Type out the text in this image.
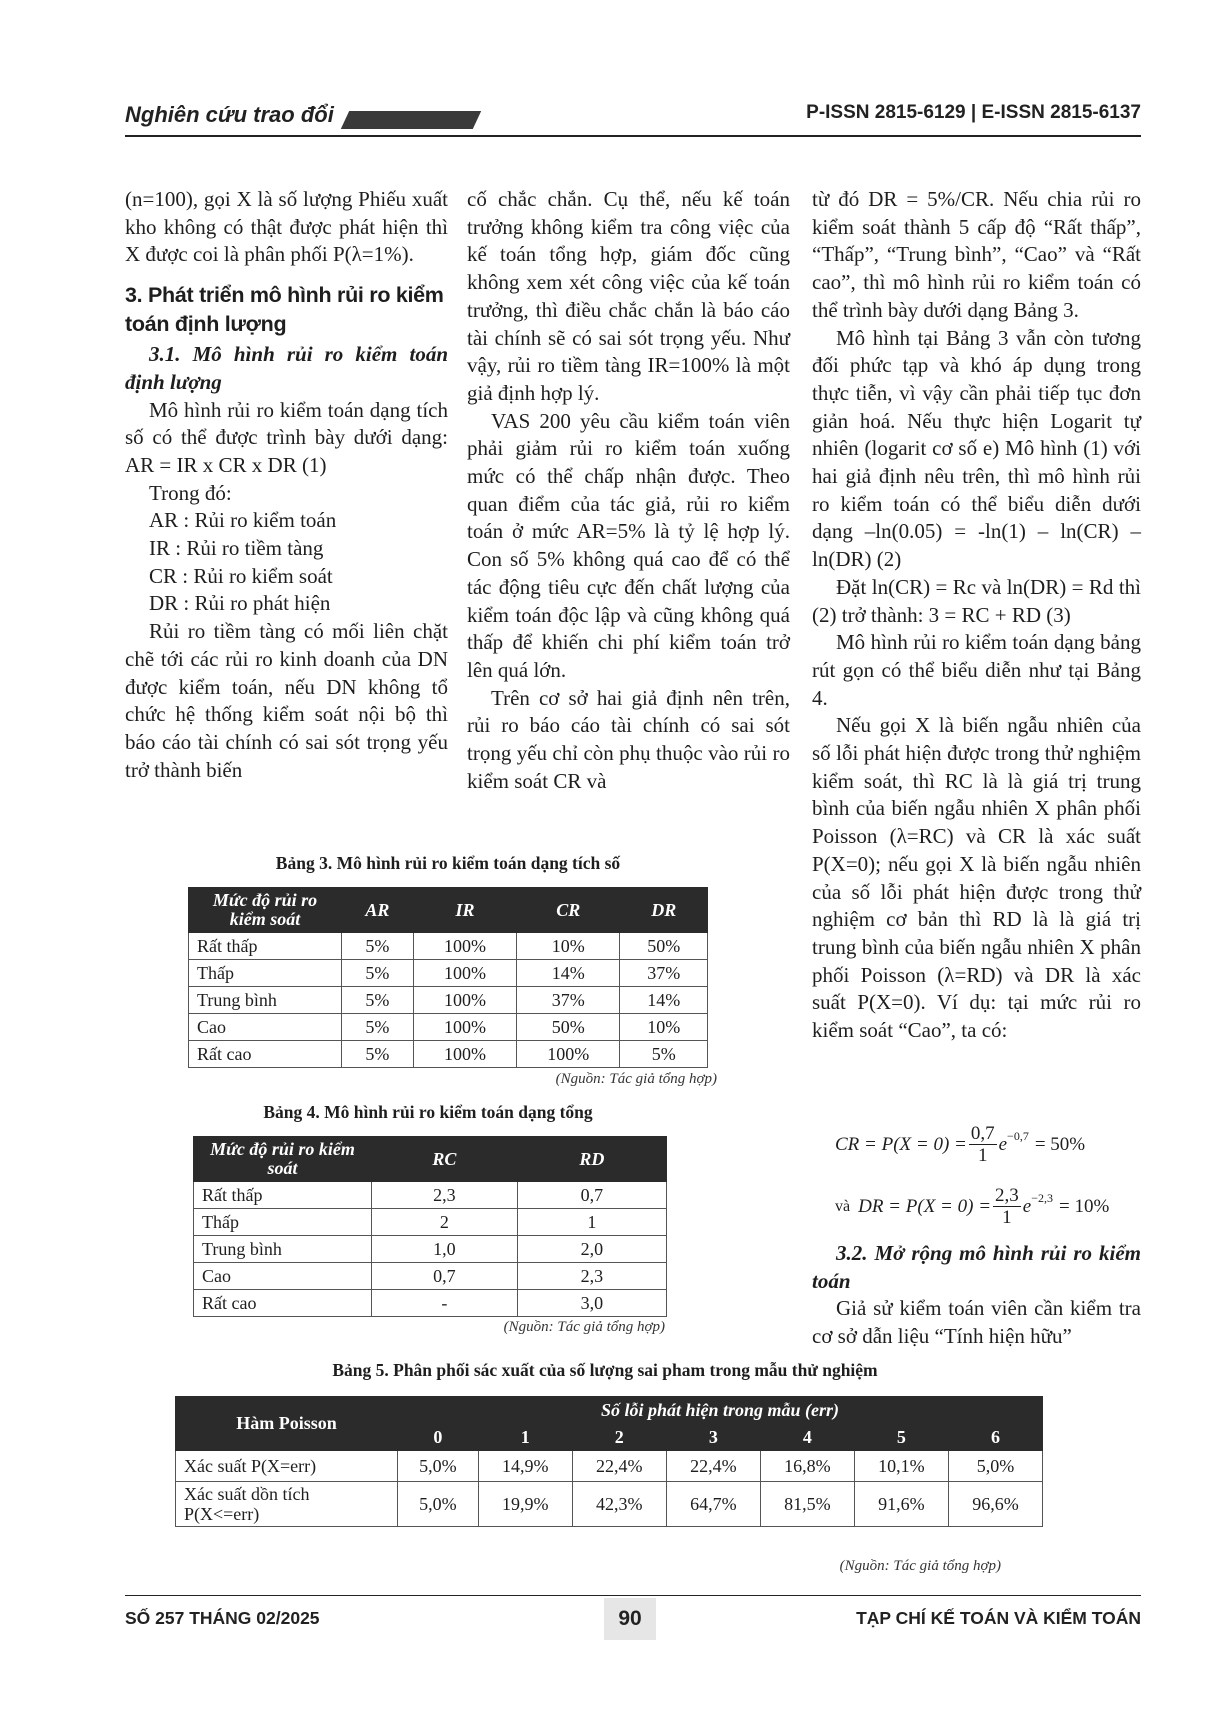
Nghiên cứu trao đổi	P-ISSN 2815-6129 | E-ISSN 2815-6137

(n=100), gọi X là số lượng Phiếu xuất kho không có thật được phát hiện thì X được coi là phân phối P(λ=1%).

3. Phát triển mô hình rủi ro kiểm toán định lượng

3.1. Mô hình rủi ro kiểm toán định lượng

Mô hình rủi ro kiểm toán dạng tích số có thể được trình bày dưới dạng: AR = IR x CR x DR (1)

Trong đó:

AR : Rủi ro kiểm toán

IR : Rủi ro tiềm tàng

CR : Rủi ro kiểm soát

DR : Rủi ro phát hiện

Rủi ro tiềm tàng có mối liên chặt chẽ tới các rủi ro kinh doanh của DN được kiểm toán, nếu DN không tổ chức hệ thống kiểm soát nội bộ thì báo cáo tài chính có sai sót trọng yếu trở thành biến

cố chắc chắn. Cụ thể, nếu kế toán trưởng không kiểm tra công việc của kế toán tổng hợp, giám đốc cũng không xem xét công việc của kế toán trưởng, thì điều chắc chắn là báo cáo tài chính sẽ có sai sót trọng yếu. Như vậy, rủi ro tiềm tàng IR=100% là một giả định hợp lý.

VAS 200 yêu cầu kiểm toán viên phải giảm rủi ro kiểm toán xuống mức có thể chấp nhận được. Theo quan điểm của tác giả, rủi ro kiểm toán ở mức AR=5% là tỷ lệ hợp lý. Con số 5% không quá cao để có thể tác động tiêu cực đến chất lượng của kiểm toán độc lập và cũng không quá thấp để khiến chi phí kiểm toán trở lên quá lớn.

Trên cơ sở hai giả định nên trên, rủi ro báo cáo tài chính có sai sót trọng yếu chỉ còn phụ thuộc vào rủi ro kiểm soát CR và

từ đó DR = 5%/CR. Nếu chia rủi ro kiểm soát thành 5 cấp độ “Rất thấp”, “Thấp”, “Trung bình”, “Cao” và “Rất cao”, thì mô hình rủi ro kiểm toán có thể trình bày dưới dạng Bảng 3.

Mô hình tại Bảng 3 vẫn còn tương đối phức tạp và khó áp dụng trong thực tiễn, vì vậy cần phải tiếp tục đơn giản hoá. Nếu thực hiện Logarit tự nhiên (logarit cơ số e) Mô hình (1) với hai giả định nêu trên, thì mô hình rủi ro kiểm toán có thể biểu diễn dưới dạng –ln(0.05) = -ln(1) – ln(CR) – ln(DR) (2)

Đặt ln(CR) = Rc và ln(DR) = Rd thì (2) trở thành: 3 = RC + RD (3)

Mô hình rủi ro kiểm toán dạng bảng rút gọn có thể biểu diễn như tại Bảng 4.

Nếu gọi X là biến ngẫu nhiên của số lỗi phát hiện được trong thử nghiệm kiểm soát, thì RC là là giá trị trung bình của biến ngẫu nhiên X phân phối Poisson (λ=RC) và CR là xác suất P(X=0); nếu gọi X là biến ngẫu nhiên của số lỗi phát hiện được trong thử nghiệm cơ bản thì RD là là giá trị trung bình của biến ngẫu nhiên X phân phối Poisson (λ=RD) và DR là xác suất P(X=0). Ví dụ: tại mức rủi ro kiểm soát “Cao”, ta có:

CR = $P(X = 0) = \frac{0,7}{1} e^{-0,7} = 50\%$
và DR = $P(X = 0) = \frac{2,3}{1} e^{-2,3} = 10\%$

3.2. Mở rộng mô hình rủi ro kiểm toán

Giả sử kiểm toán viên cần kiểm tra cơ sở dẫn liệu “Tính hiện hữu”

Bảng 3. Mô hình rủi ro kiểm toán dạng tích số
Mức độ rủi ro kiểm soát	AR	IR	CR	DR
Rất thấp	5%	100%	10%	50%
Thấp	5%	100%	14%	37%
Trung bình	5%	100%	37%	14%
Cao	5%	100%	50%	10%
Rất cao	5%	100%	100%	5%
(Nguồn: Tác giả tổng hợp)
Bảng 4. Mô hình rủi ro kiểm toán dạng tổng
Mức độ rủi ro kiểm soát	RC	RD
Rất thấp	2,3	0,7
Thấp	2	1
Trung bình	1,0	2,0
Cao	0,7	2,3
Rất cao	-	3,0
(Nguồn: Tác giả tổng hợp)
Bảng 5. Phân phối sác xuất của số lượng sai pham trong mẫu thử nghiệm
Hàm Poisson	Số lỗi phát hiện trong mẫu (err)						
	0	1	2	3	4	5	6
Xác suất P(X=err)	5,0%	14,9%	22,4%	22,4%	16,8%	10,1%	5,0%
Xác suất dồn tích P(X<=err)	5,0%	19,9%	42,3%	64,7%	81,5%	91,6%	96,6%
(Nguồn: Tác giả tổng hợp)
SỐ 257 THÁNG 02/2025	90	TẠP CHÍ KẾ TOÁN VÀ KIỂM TOÁN
